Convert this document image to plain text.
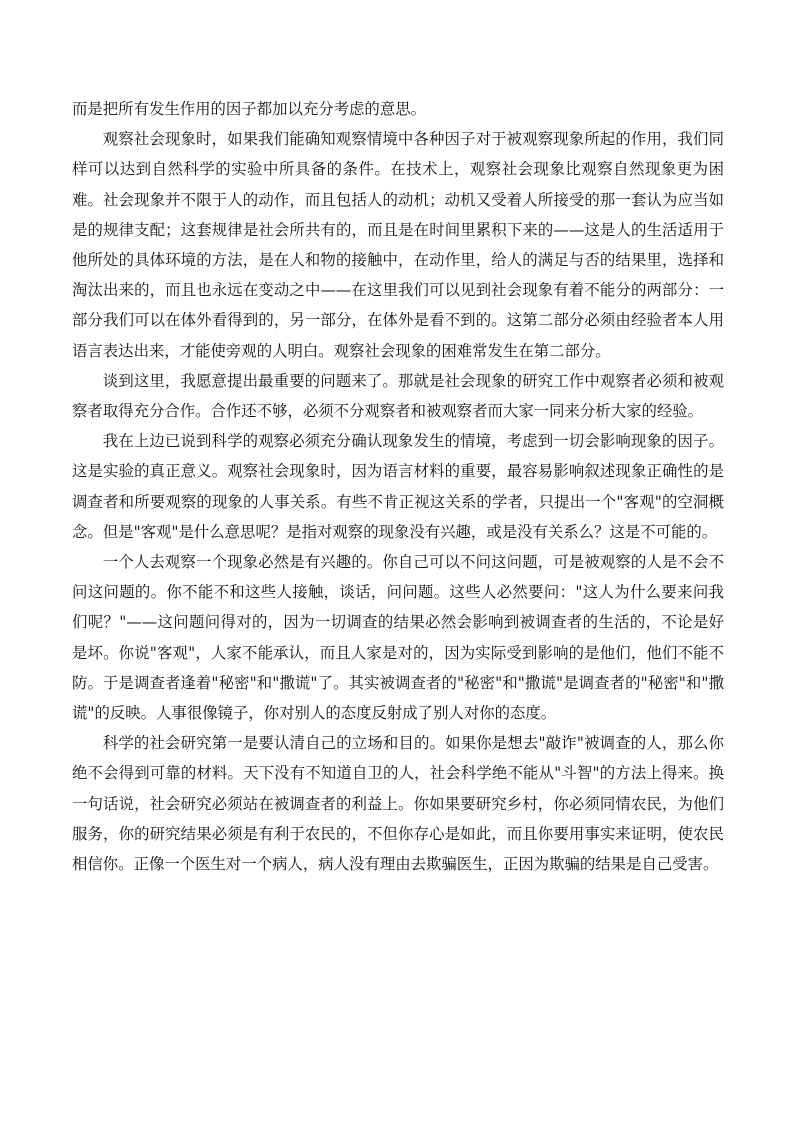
而是把所有发生作用的因子都加以充分考虑的意思。

观察社会现象时，如果我们能确知观察情境中各种因子对于被观察现象所起的作用，我们同样可以达到自然科学的实验中所具备的条件。在技术上，观察社会现象比观察自然现象更为困难。社会现象并不限于人的动作，而且包括人的动机；动机又受着人所接受的那一套认为应当如是的规律支配；这套规律是社会所共有的，而且是在时间里累积下来的——这是人的生活适用于他所处的具体环境的方法，是在人和物的接触中，在动作里，给人的满足与否的结果里，选择和淘汰出来的，而且也永远在变动之中——在这里我们可以见到社会现象有着不能分的两部分：一部分我们可以在体外看得到的，另一部分，在体外是看不到的。这第二部分必须由经验者本人用语言表达出来，才能使旁观的人明白。观察社会现象的困难常发生在第二部分。

谈到这里，我愿意提出最重要的问题来了。那就是社会现象的研究工作中观察者必须和被观察者取得充分合作。合作还不够，必须不分观察者和被观察者而大家一同来分析大家的经验。

我在上边已说到科学的观察必须充分确认现象发生的情境，考虑到一切会影响现象的因子。这是实验的真正意义。观察社会现象时，因为语言材料的重要，最容易影响叙述现象正确性的是调查者和所要观察的现象的人事关系。有些不肯正视这关系的学者，只提出一个"客观"的空洞概念。但是"客观"是什么意思呢？是指对观察的现象没有兴趣，或是没有关系么？这是不可能的。

一个人去观察一个现象必然是有兴趣的。你自己可以不问这问题，可是被观察的人是不会不问这问题的。你不能不和这些人接触，谈话，问问题。这些人必然要问："这人为什么要来问我们呢？"——这问题问得对的，因为一切调查的结果必然会影响到被调查者的生活的，不论是好是坏。你说"客观"，人家不能承认，而且人家是对的，因为实际受到影响的是他们，他们不能不防。于是调查者逢着"秘密"和"撒谎"了。其实被调查者的"秘密"和"撒谎"是调查者的"秘密"和"撒谎"的反映。人事很像镜子，你对别人的态度反射成了别人对你的态度。

科学的社会研究第一是要认清自己的立场和目的。如果你是想去"敲诈"被调查的人，那么你绝不会得到可靠的材料。天下没有不知道自卫的人，社会科学绝不能从"斗智"的方法上得来。换一句话说，社会研究必须站在被调查者的利益上。你如果要研究乡村，你必须同情农民，为他们服务，你的研究结果必须是有利于农民的，不但你存心是如此，而且你要用事实来证明，使农民相信你。正像一个医生对一个病人，病人没有理由去欺骗医生，正因为欺骗的结果是自己受害。
